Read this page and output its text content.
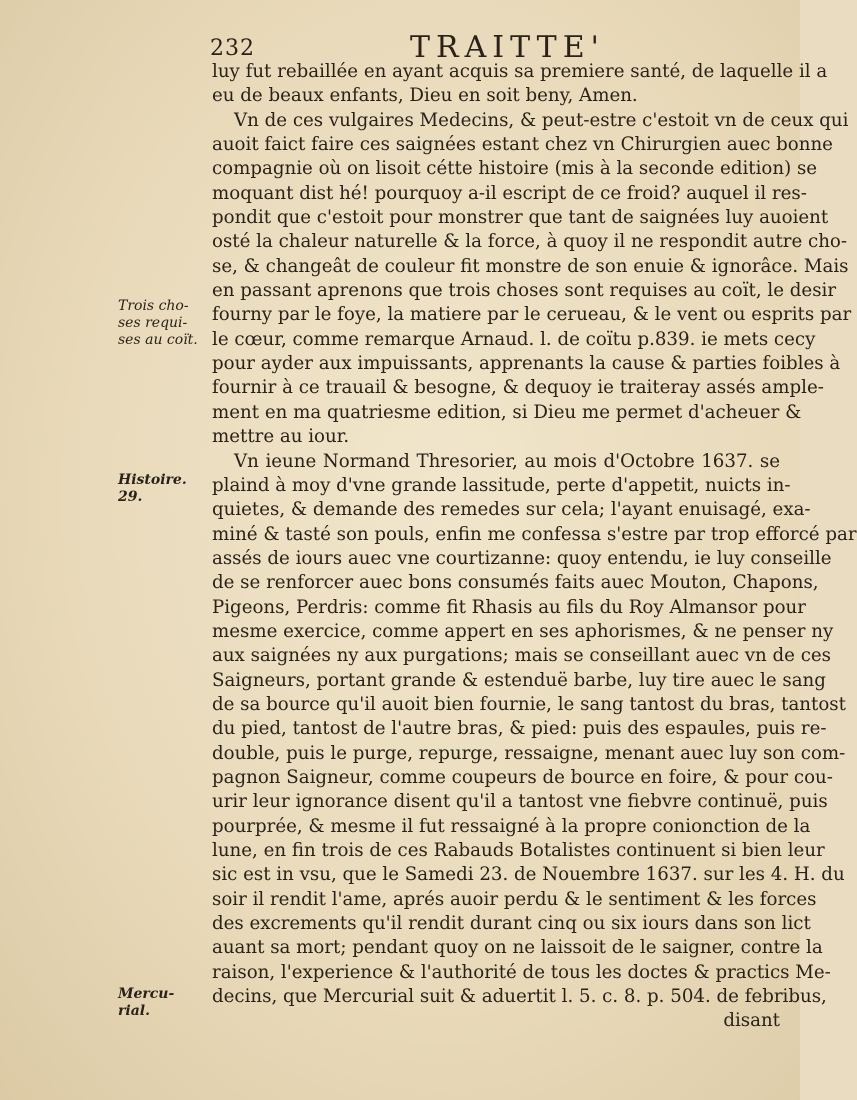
232	TRAITTE'
Trois cho-
ses requi-
ses au coït.
Histoire.
29.
Mercu-
rial.
luy fut rebaillée en ayant acquis sa premiere santé, de laquelle il a
eu de beaux enfants, Dieu en soit beny, Amen.
Vn de ces vulgaires Medecins, & peut-estre c'estoit vn de ceux qui
auoit faict faire ces saignées estant chez vn Chirurgien auec bonne
compagnie où on lisoit cétte histoire (mis à la seconde edition) se
moquant dist hé! pourquoy a-il escript de ce froid? auquel il res-
pondit que c'estoit pour monstrer que tant de saignées luy auoient
osté la chaleur naturelle & la force, à quoy il ne respondit autre cho-
se, & changeât de couleur fit monstre de son enuie & ignorâce. Mais
en passant aprenons que trois choses sont requises au coït, le desir
fourny par le foye, la matiere par le cerueau, & le vent ou esprits par
le cœur, comme remarque Arnaud. l. de coïtu p.839. ie mets cecy
pour ayder aux impuissants, apprenants la cause & parties foibles à
fournir à ce trauail & besogne, & dequoy ie traiteray assés ample-
ment en ma quatriesme edition, si Dieu me permet d'acheuer &
mettre au iour.
Vn ieune Normand Thresorier, au mois d'Octobre 1637. se
plaind à moy d'vne grande lassitude, perte d'appetit, nuicts in-
quietes, & demande des remedes sur cela; l'ayant enuisagé, exa-
miné & tasté son pouls, enfin me confessa s'estre par trop efforcé par
assés de iours auec vne courtizanne: quoy entendu, ie luy conseille
de se renforcer auec bons consumés faits auec Mouton, Chapons,
Pigeons, Perdris: comme fit Rhasis au fils du Roy Almansor pour
mesme exercice, comme appert en ses aphorismes, & ne penser ny
aux saignées ny aux purgations; mais se conseillant auec vn de ces
Saigneurs, portant grande & estenduë barbe, luy tire auec le sang
de sa bource qu'il auoit bien fournie, le sang tantost du bras, tantost
du pied, tantost de l'autre bras, & pied: puis des espaules, puis re-
double, puis le purge, repurge, ressaigne, menant auec luy son com-
pagnon Saigneur, comme coupeurs de bource en foire, & pour cou-
urir leur ignorance disent qu'il a tantost vne fiebvre continuë, puis
pourprée, & mesme il fut ressaigné à la propre conionction de la
lune, en fin trois de ces Rabauds Botalistes continuent si bien leur
sic est in vsu, que le Samedi 23. de Nouembre 1637. sur les 4. H. du
soir il rendit l'ame, aprés auoir perdu & le sentiment & les forces
des excrements qu'il rendit durant cinq ou six iours dans son lict
auant sa mort; pendant quoy on ne laissoit de le saigner, contre la
raison, l'experience & l'authorité de tous les doctes & practics Me-
decins, que Mercurial suit & aduertit l. 5. c. 8. p. 504. de febribus,
disant
